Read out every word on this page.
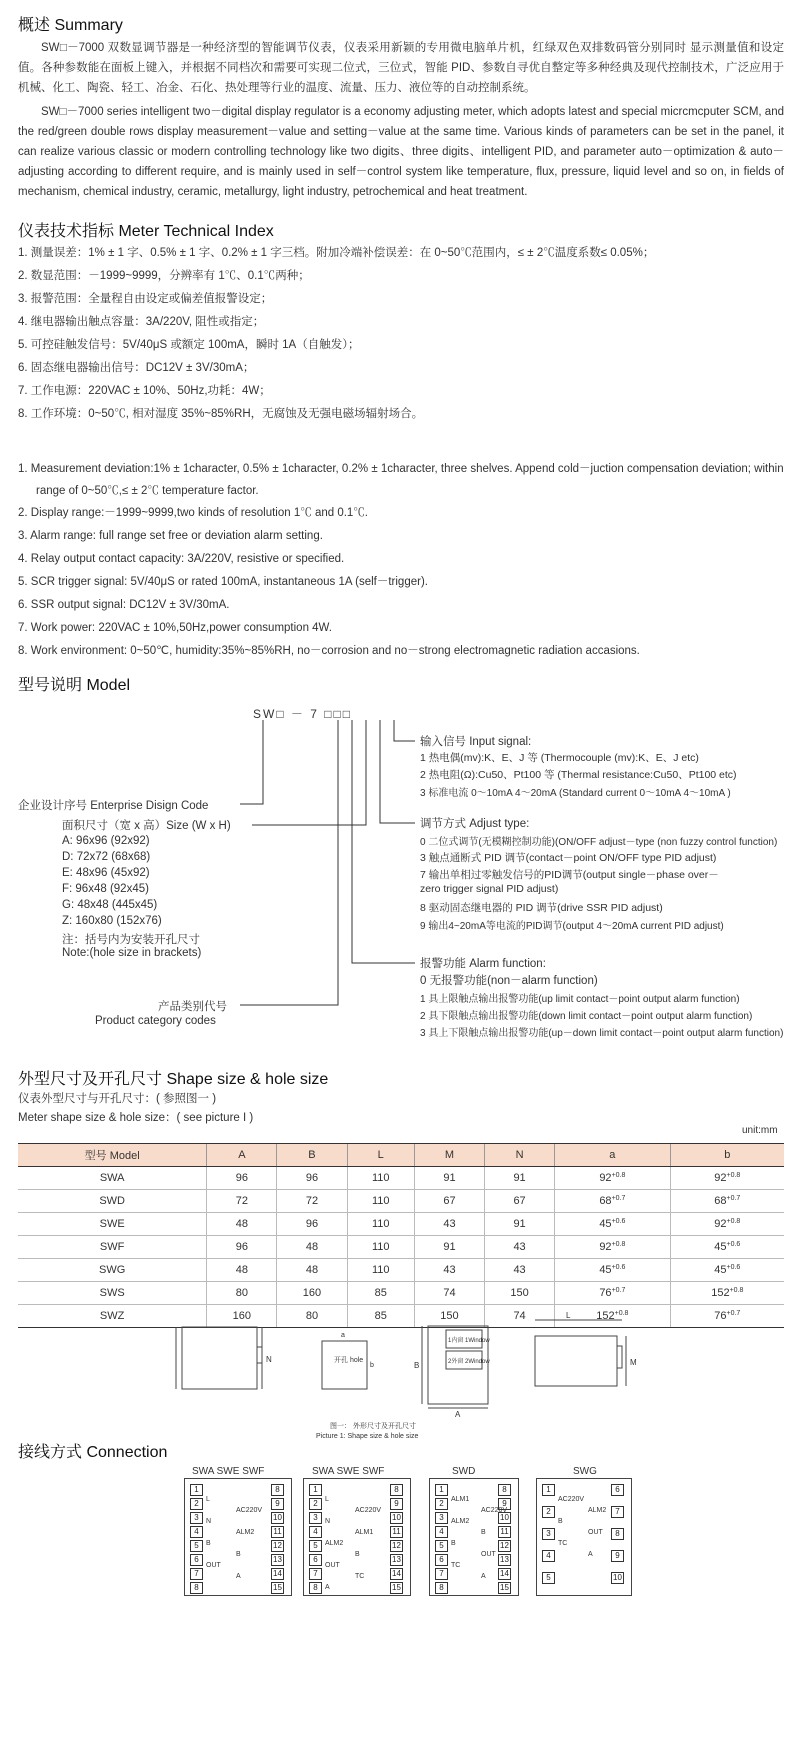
概述 Summary

SW□－7000 双数显调节器是一种经济型的智能调节仪表，仪表采用新颖的专用微电脑单片机，红绿双色双排数码管分别同时 显示测量值和设定值。各种参数能在面板上键入，并根据不同档次和需要可实现二位式，三位式，智能 PID、参数自寻优自整定等多种经典及现代控制技术，广泛应用于机械、化工、陶瓷、轻工、冶金、石化、热处理等行业的温度、流量、压力、液位等的自动控制系统。

SW□－7000 series intelligent two－digital display regulator is a economy adjusting meter, which adopts latest and special micrcmcputer SCM, and the red/green double rows display measurement－value and setting－value at the same time. Various kinds of parameters can be set in the panel, it can realize various classic or modern controlling technology like two digits、three digits、intelligent PID, and parameter auto－optimization & auto－adjusting according to different require, and is mainly used in self－control system like temperature, flux, pressure, liquid level and so on, in fields of mechanism, chemical industry, ceramic, metallurgy, light industry, petrochemical and heat treatment.

仪表技术指标 Meter Technical Index
1. 测量误差：1% ± 1 字、0.5% ± 1 字、0.2% ± 1 字三档。附加冷端补偿误差：在 0~50℃范围内，≤ ± 2℃温度系数≤ 0.05%；
2. 数显范围：－1999~9999，分辨率有 1℃、0.1℃两种；
3. 报警范围：全量程自由设定或偏差值报警设定；
4. 继电器输出触点容量：3A/220V, 阻性或指定；
5. 可控硅触发信号：5V/40μS 或额定 100mA，瞬时 1A（自触发）；
6. 固态继电器输出信号：DC12V ± 3V/30mA；
7. 工作电源：220VAC ± 10%、50Hz,功耗：4W；
8. 工作环境：0~50℃, 相对湿度 35%~85%RH，无腐蚀及无强电磁场辐射场合。
1. Measurement deviation:1% ± 1character, 0.5% ± 1character, 0.2% ± 1character, three shelves. Append cold－juction compensation deviation; within range of 0~50℃,≤ ± 2℃ temperature factor.
2. Display range:－1999~9999,two kinds of resolution 1℃ and 0.1℃.
3. Alarm range: full range set free or deviation alarm setting.
4. Relay output contact capacity: 3A/220V, resistive or specified.
5. SCR trigger signal: 5V/40μS or rated 100mA, instantaneous 1A (self－trigger).
6. SSR output signal: DC12V ± 3V/30mA.
7. Work power: 220VAC ± 10%,50Hz,power consumption 4W.
8. Work environment: 0~50℃, humidity:35%~85%RH, no－corrosion and no－strong electromagnetic radiation accasions.
型号说明 Model
SW□ － 7 □□□
企业设计序号 Enterprise Disign Code
面积尺寸（宽 x 高）Size (W x H)
A: 96x96 (92x92)
D: 72x72 (68x68)
E: 48x96 (45x92)
F: 96x48 (92x45)
G: 48x48 (445x45)
Z: 160x80 (152x76)
注：括号内为安装开孔尺寸
Note:(hole size in brackets)
产品类别代号
Product category codes
输入信号 Input signal:
1 热电偶(mv):K、E、J 等 (Thermocouple (mv):K、E、J etc)
2 热电阻(Ω):Cu50、Pt100 等 (Thermal resistance:Cu50、Pt100 etc)
3 标准电流 0～10mA 4～20mA (Standard current 0～10mA 4～10mA )
调节方式 Adjust type:
0 二位式调节(无模糊控制功能)(ON/OFF adjust－type (non fuzzy control function)
3 触点通断式 PID 调节(contact－point ON/OFF type PID adjust)
7 输出单相过零触发信号的PID调节(output single－phase over－
zero trigger signal PID adjust)
8 驱动固态继电器的 PID 调节(drive SSR PID adjust)
9 输出4~20mA等电流的PID调节(output 4～20mA current PID adjust)
报警功能 Alarm function:
0 无报警功能(non－alarm function)
1 具上限触点输出报警功能(up limit contact－point output alarm function)
2 具下限触点输出报警功能(down limit contact－point output alarm function)
3 具上下限触点输出报警功能(up－down limit contact－point output alarm function)
外型尺寸及开孔尺寸 Shape size & hole size
仪表外型尺寸与开孔尺寸：( 参照图一 )
Meter shape size & hole size：( see picture I )
unit:mm
型号 Model	A	B	L	M	N	a	b
SWA	96	96	110	91	91	$92^{+0.8}$	$92^{+0.8}$
SWD	72	72	110	67	67	$68^{+0.7}$	$68^{+0.7}$
SWE	48	96	110	43	91	$45^{+0.6}$	$92^{+0.8}$
SWF	96	48	110	91	43	$92^{+0.8}$	$45^{+0.6}$
SWG	48	48	110	43	43	$45^{+0.6}$	$45^{+0.6}$
SWS	80	160	85	74	150	$76^{+0.7}$	$152^{+0.8}$
SWZ	160	80	85	150	74	$152^{+0.8}$	$76^{+0.7}$
N
a
b
开孔 hole
B
A
1内窗 1Window
2外窗 2Window
L
M
图一： 外形尺寸及开孔尺寸
Picture 1: Shape size & hole size
接线方式 Connection
SWA SWE SWF	SWA SWE SWF	SWD	SWG
1
2
3
4
5
6
7
8
8
9
10
11
12
13
14
15
L
AC220V
N
ALM2
B
B
OUT
A
1
2
3
4
5
6
7
8
8
9
10
11
12
13
14
15
L
AC220V
N
ALM1
ALM2
B
OUT
TC
A
1
2
3
4
5
6
7
8
8
9
10
11
12
13
14
15
ALM1
AC220V
ALM2
B
B
OUT
TC
A
1
2
3
4
5
6
7
8
9
10
AC220V
ALM2
B
OUT
TC
A
